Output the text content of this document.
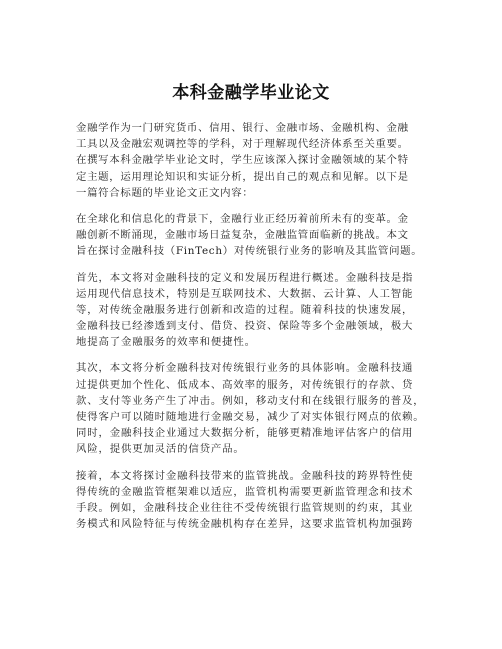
本科金融学毕业论文
金融学作为一门研究货币、信用、银行、金融市场、金融机构、金融
工具以及金融宏观调控等的学科，对于理解现代经济体系至关重要。
在撰写本科金融学毕业论文时，学生应该深入探讨金融领域的某个特
定主题，运用理论知识和实证分析，提出自己的观点和见解。以下是
一篇符合标题的毕业论文正文内容：
在全球化和信息化的背景下，金融行业正经历着前所未有的变革。金
融创新不断涌现，金融市场日益复杂，金融监管面临新的挑战。本文
旨在探讨金融科技（FinTech）对传统银行业务的影响及其监管问题。
首先，本文将对金融科技的定义和发展历程进行概述。金融科技是指
运用现代信息技术，特别是互联网技术、大数据、云计算、人工智能
等，对传统金融服务进行创新和改造的过程。随着科技的快速发展，
金融科技已经渗透到支付、借贷、投资、保险等多个金融领域，极大
地提高了金融服务的效率和便捷性。
其次，本文将分析金融科技对传统银行业务的具体影响。金融科技通
过提供更加个性化、低成本、高效率的服务，对传统银行的存款、贷
款、支付等业务产生了冲击。例如，移动支付和在线银行服务的普及，
使得客户可以随时随地进行金融交易，减少了对实体银行网点的依赖。
同时，金融科技企业通过大数据分析，能够更精准地评估客户的信用
风险，提供更加灵活的信贷产品。
接着，本文将探讨金融科技带来的监管挑战。金融科技的跨界特性使
得传统的金融监管框架难以适应，监管机构需要更新监管理念和技术
手段。例如，金融科技企业往往不受传统银行监管规则的约束，其业
务模式和风险特征与传统金融机构存在差异，这要求监管机构加强跨
